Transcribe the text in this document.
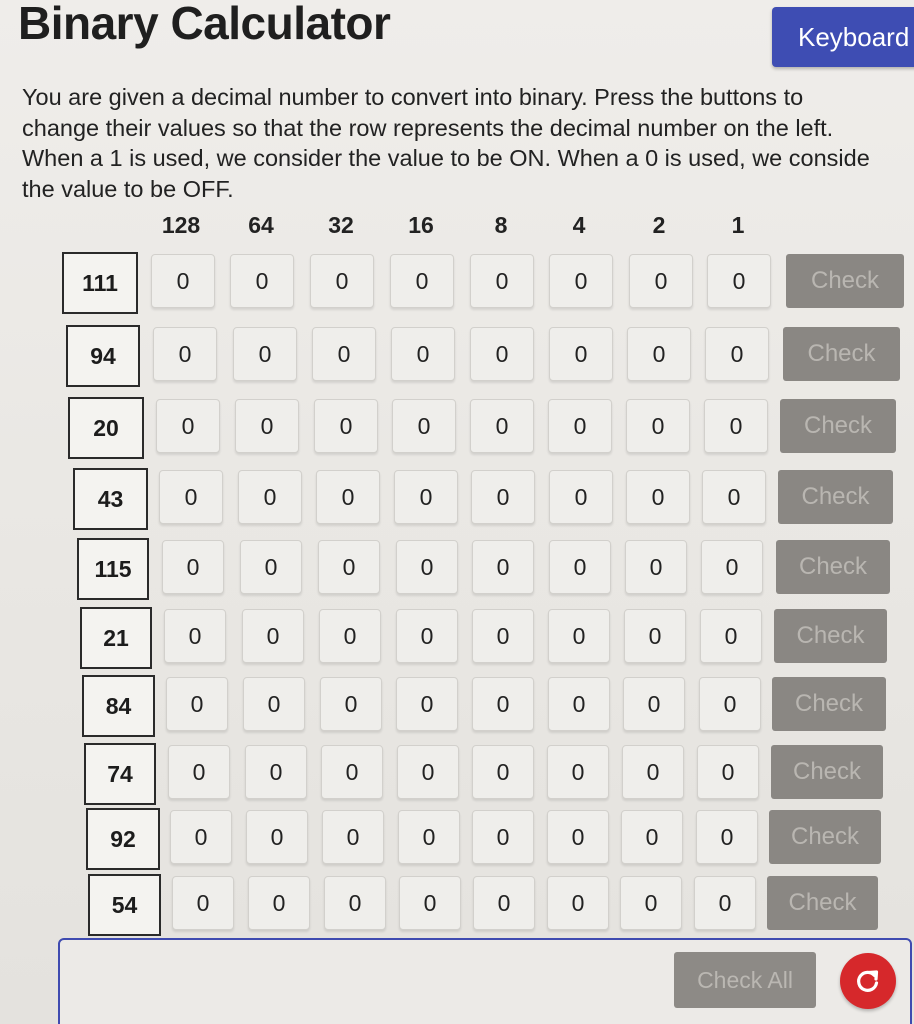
Binary Calculator	Keyboard
You are given a decimal number to convert into binary. Press the buttons to
change their values so that the row represents the decimal number on the left.
When a 1 is used, we consider the value to be ON. When a 0 is used, we conside
the value to be OFF.
128 64 32 16	8	4	2	1
111	0	0	0	0	0	0	0	0	Check
94	0	0	0	0	0	0	0	0	Check
20	0	0	0	0	0	0	0	0	Check
43	0	0	0	0	0	0	0	0	Check
115	0	0	0	0	0	0	0	0	Check
21	0	0	0	0	0	0	0	0	Check
84	0	0	0	0	0	0	0	0	Check
74	0	0	0	0	0	0	0	0	Check
92	0	0	0	0	0	0	0	0	Check
54	0	0	0	0	0	0	0	0	Check
Check All
